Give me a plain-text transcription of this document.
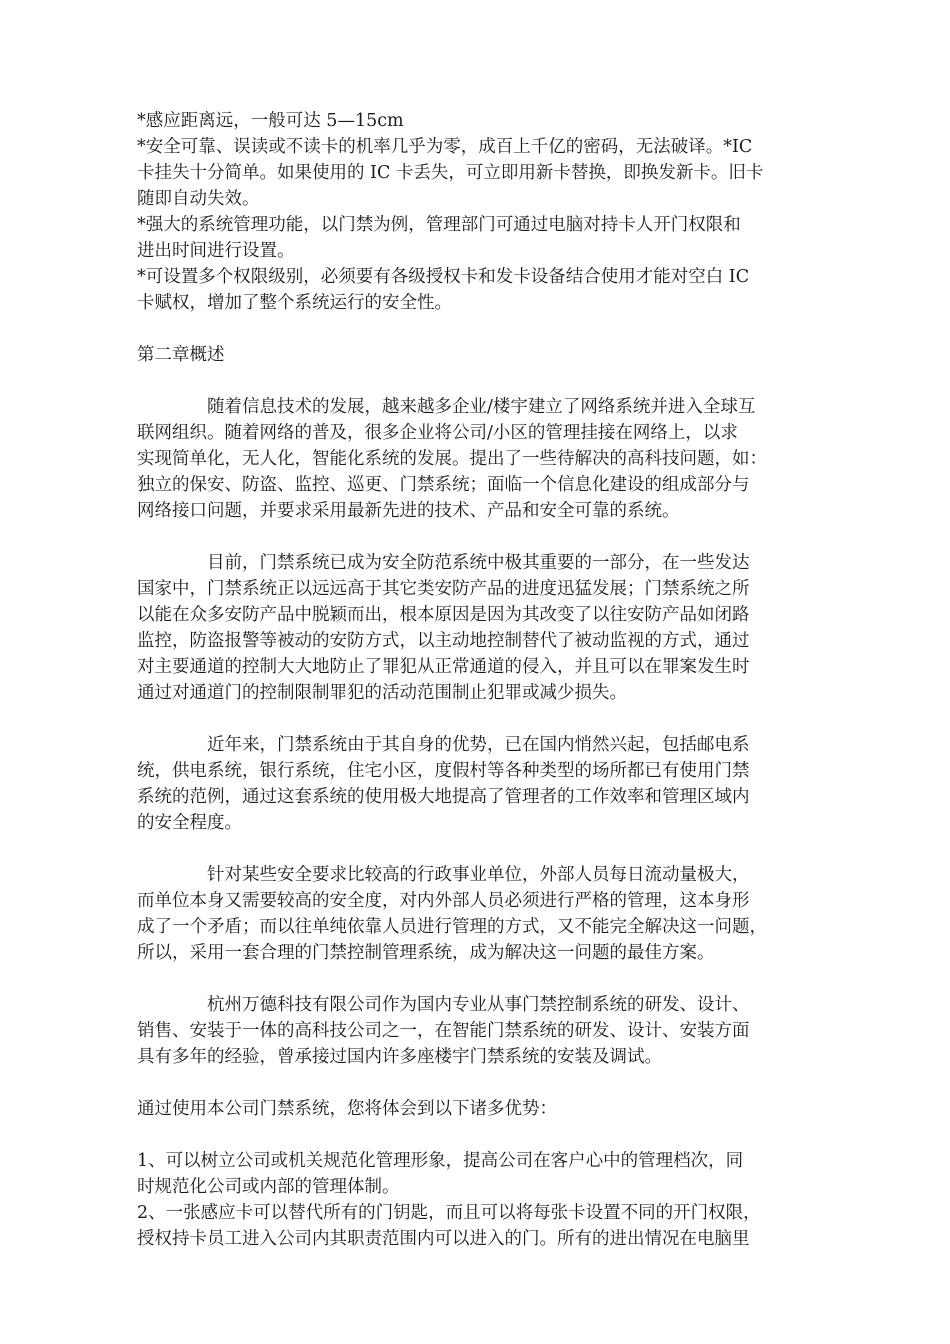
*感应距离远，一般可达 5—15cm
*安全可靠、误读或不读卡的机率几乎为零，成百上千亿的密码，无法破译。*IC
卡挂失十分简单。如果使用的 IC 卡丢失，可立即用新卡替换，即换发新卡。旧卡
随即自动失效。
*强大的系统管理功能，以门禁为例，管理部门可通过电脑对持卡人开门权限和
进出时间进行设置。
*可设置多个权限级别，必须要有各级授权卡和发卡设备结合使用才能对空白 IC
卡赋权，增加了整个系统运行的安全性。
第二章概述
随着信息技术的发展，越来越多企业/楼宇建立了网络系统并进入全球互
联网组织。随着网络的普及，很多企业将公司/小区的管理挂接在网络上，以求
实现简单化，无人化，智能化系统的发展。提出了一些待解决的高科技问题，如：
独立的保安、防盗、监控、巡更、门禁系统；面临一个信息化建设的组成部分与
网络接口问题，并要求采用最新先进的技术、产品和安全可靠的系统。
目前，门禁系统已成为安全防范系统中极其重要的一部分，在一些发达
国家中，门禁系统正以远远高于其它类安防产品的进度迅猛发展；门禁系统之所
以能在众多安防产品中脱颖而出，根本原因是因为其改变了以往安防产品如闭路
监控，防盗报警等被动的安防方式，以主动地控制替代了被动监视的方式，通过
对主要通道的控制大大地防止了罪犯从正常通道的侵入，并且可以在罪案发生时
通过对通道门的控制限制罪犯的活动范围制止犯罪或减少损失。
近年来，门禁系统由于其自身的优势，已在国内悄然兴起，包括邮电系
统，供电系统，银行系统，住宅小区，度假村等各种类型的场所都已有使用门禁
系统的范例，通过这套系统的使用极大地提高了管理者的工作效率和管理区域内
的安全程度。
针对某些安全要求比较高的行政事业单位，外部人员每日流动量极大，
而单位本身又需要较高的安全度，对内外部人员必须进行严格的管理，这本身形
成了一个矛盾；而以往单纯依靠人员进行管理的方式，又不能完全解决这一问题，
所以，采用一套合理的门禁控制管理系统，成为解决这一问题的最佳方案。
杭州万德科技有限公司作为国内专业从事门禁控制系统的研发、设计、
销售、安装于一体的高科技公司之一，在智能门禁系统的研发、设计、安装方面
具有多年的经验，曾承接过国内许多座楼宇门禁系统的安装及调试。
通过使用本公司门禁系统，您将体会到以下诸多优势：
1、可以树立公司或机关规范化管理形象，提高公司在客户心中的管理档次，同
时规范化公司或内部的管理体制。
2、一张感应卡可以替代所有的门钥匙，而且可以将每张卡设置不同的开门权限，
授权持卡员工进入公司内其职责范围内可以进入的门。所有的进出情况在电脑里
